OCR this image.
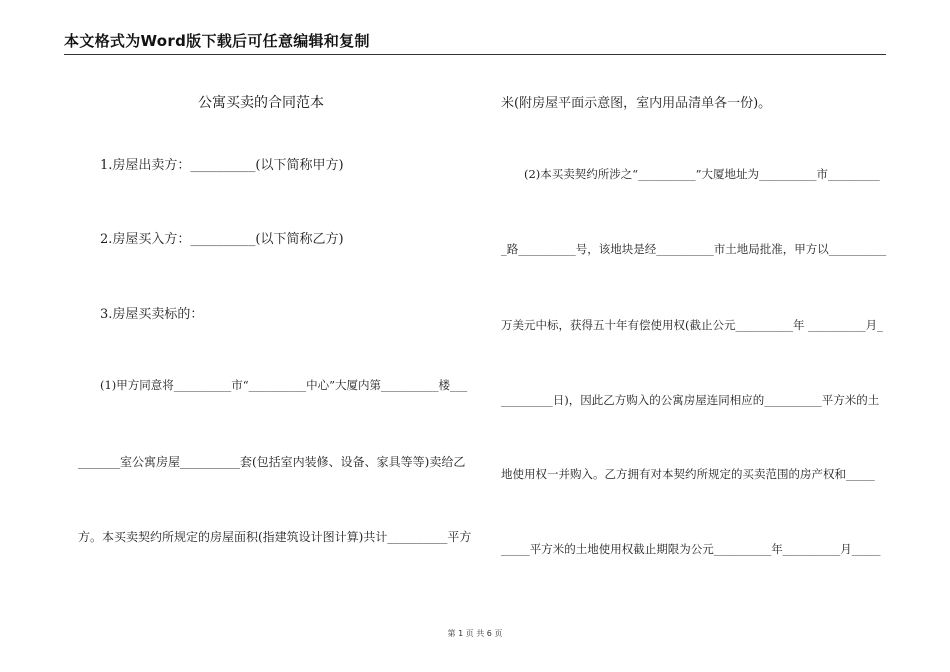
本文格式为Word版下载后可任意编辑和复制
公寓买卖的合同范本
1.房屋出卖方：__________(以下简称甲方)
2.房屋买入方：__________(以下简称乙方)
3.房屋买卖标的：
(1)甲方同意将__________市“__________中心”大厦内第__________楼___
_______室公寓房屋__________套(包括室内装修、设备、家具等等)卖给乙
方。本买卖契约所规定的房屋面积(指建筑设计图计算)共计__________平方
米(附房屋平面示意图，室内用品清单各一份)。
(2)本买卖契约所涉之“__________”大厦地址为__________市_________
_路__________号，该地块是经__________市土地局批准，甲方以__________
万美元中标，获得五十年有偿使用权(截止公元__________年 __________月_
_________日)，因此乙方购入的公寓房屋连同相应的__________平方米的土
地使用权一并购入。乙方拥有对本契约所规定的买卖范围的房产权和_____
_____平方米的土地使用权截止期限为公元__________年__________月_____
第 1 页 共 6 页
